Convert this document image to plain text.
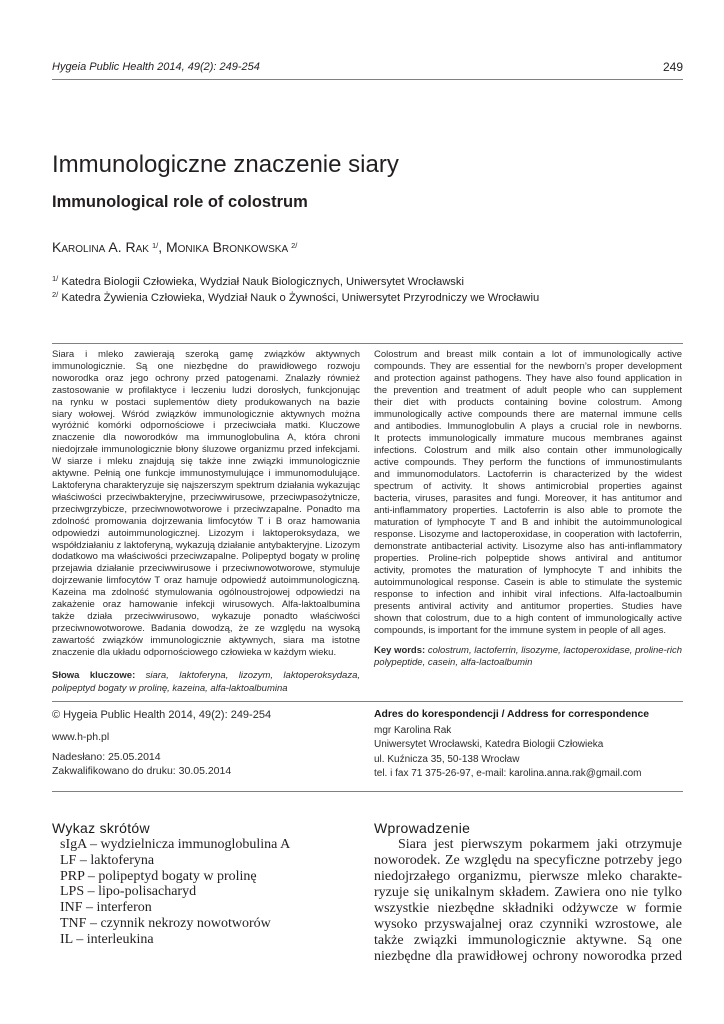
Hygeia Public Health 2014, 49(2): 249-254	249
Immunologiczne znaczenie siary
Immunological role of colostrum
Karolina A. Rak $^{1/}$, Monika Bronkowska $^{2/}$
$^{1/}$ Katedra Biologii Człowieka, Wydział Nauk Biologicznych, Uniwersytet Wrocławski
$^{2/}$ Katedra Żywienia Człowieka, Wydział Nauk o Żywności, Uniwersytet Przyrodniczy we Wrocławiu
Siara i mleko zawierają szeroką gamę związków aktywnych
immunologicznie. Są one niezbędne do prawidłowego rozwoju
noworodka oraz jego ochrony przed patogenami. Znalazły również
zastosowanie w profilaktyce i leczeniu ludzi dorosłych, funkcjonując
na rynku w postaci suplementów diety produkowanych na bazie
siary wołowej. Wśród związków immunologicznie aktywnych można
wyróżnić komórki odpornościowe i przeciwciała matki. Kluczowe
znaczenie dla noworodków ma immunoglobulina A, która chroni
niedojrzałe immunologicznie błony śluzowe organizmu przed infekcjami.
W siarze i mleku znajdują się także inne związki immunologicznie
aktywne. Pełnią one funkcje immunostymulujące i immunomodulujące.
Laktoferyna charakteryzuje się najszerszym spektrum działania wykazując
właściwości przeciwbakteryjne, przeciwwirusowe, przeciwpasożytnicze,
przeciwgrzybicze, przeciwnowotworowe i przeciwzapalne. Ponadto ma
zdolność promowania dojrzewania limfocytów T i B oraz hamowania
odpowiedzi autoimmunologicznej. Lizozym i laktoperoksydaza, we
współdziałaniu z laktoferyną, wykazują działanie antybakteryjne. Lizozym
dodatkowo ma właściwości przeciwzapalne. Polipeptyd bogaty w prolinę
przejawia działanie przeciwwirusowe i przeciwnowotworowe, stymuluje
dojrzewanie limfocytów T oraz hamuje odpowiedź autoimmunologiczną.
Kazeina ma zdolność stymulowania ogólnoustrojowej odpowiedzi na
zakażenie oraz hamowanie infekcji wirusowych. Alfa-laktoalbumina
także działa przeciwwirusowo, wykazuje ponadto właściwości
przeciwnowotworowe. Badania dowodzą, że ze względu na wysoką
zawartość związków immunologicznie aktywnych, siara ma istotne
znaczenie dla układu odpornościowego człowieka w każdym wieku.
Słowa kluczowe: siara, laktoferyna, lizozym, laktoperoksydaza,
polipeptyd bogaty w prolinę, kazeina, alfa-laktoalbumina
Colostrum and breast milk contain a lot of immunologically active
compounds. They are essential for the newborn’s proper development
and protection against pathogens. They have also found application in
the prevention and treatment of adult people who can supplement
their diet with products containing bovine colostrum. Among
immunologically active compounds there are maternal immune cells
and antibodies. Immunoglobulin A plays a crucial role in newborns.
It protects immunologically immature mucous membranes against
infections. Colostrum and milk also contain other immunologically
active compounds. They perform the functions of immunostimulants
and immunomodulators. Lactoferrin is characterized by the widest
spectrum of activity. It shows antimicrobial properties against
bacteria, viruses, parasites and fungi. Moreover, it has antitumor and
anti-inflammatory properties. Lactoferrin is also able to promote the
maturation of lymphocyte T and B and inhibit the autoimmunological
response. Lisozyme and lactoperoxidase, in cooperation with lactoferrin,
demonstrate antibacterial activity. Lisozyme also has anti-inflammatory
properties. Proline-rich polpeptide shows antiviral and antitumor
activity, promotes the maturation of lymphocyte T and inhibits the
autoimmunological response. Casein is able to stimulate the systemic
response to infection and inhibit viral infections. Alfa-lactoalbumin
presents antiviral activity and antitumor properties. Studies have
shown that colostrum, due to a high content of immunologically active
compounds, is important for the immune system in people of all ages.
Key words: colostrum, lactoferrin, lisozyme, lactoperoxidase, proline-rich
polypeptide, casein, alfa-lactoalbumin
© Hygeia Public Health 2014, 49(2): 249-254
www.h-ph.pl
Nadesłano: 25.05.2014
Zakwalifikowano do druku: 30.05.2014
Adres do korespondencji / Address for correspondence
mgr Karolina Rak
Uniwersytet Wrocławski, Katedra Biologii Człowieka
ul. Kuźnicza 35, 50-138 Wrocław
tel. i fax 71 375-26-97, e-mail: karolina.anna.rak@gmail.com
Wykaz skrótów
sIgA – wydzielnicza immunoglobulina A
LF – laktoferyna
PRP – polipeptyd bogaty w prolinę
LPS – lipo-polisacharyd
INF – interferon
TNF – czynnik nekrozy nowotworów
IL – interleukina
Wprowadzenie
Siara jest pierwszym pokarmem jaki otrzymuje
noworodek. Ze względu na specyficzne potrzeby jego
niedojrzałego organizmu, pierwsze mleko charakte-
ryzuje się unikalnym składem. Zawiera ono nie tylko
wszystkie niezbędne składniki odżywcze w formie
wysoko przyswajalnej oraz czynniki wzrostowe, ale
także związki immunologicznie aktywne. Są one
niezbędne dla prawidłowej ochrony noworodka przed
